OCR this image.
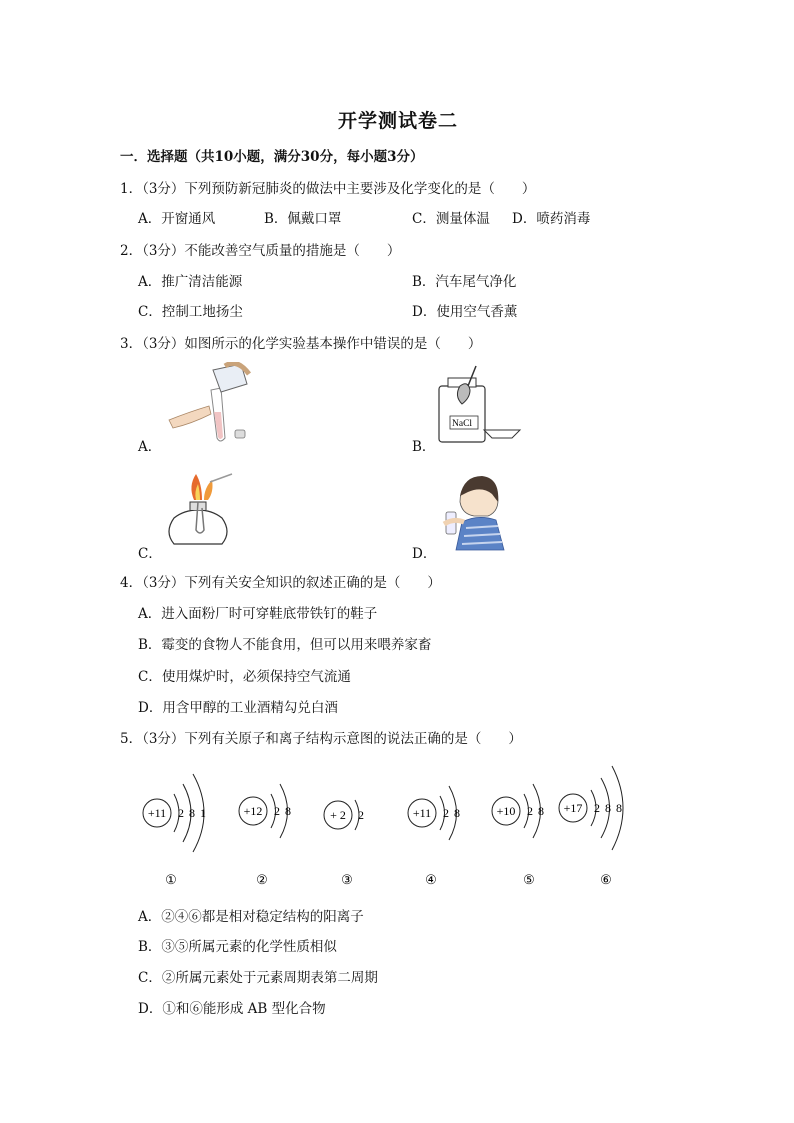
开学测试卷二
一．选择题（共10小题，满分30分，每小题3分）
1．（3分）下列预防新冠肺炎的做法中主要涉及化学变化的是（　　）
A．开窗通风	B．佩戴口罩	C．测量体温 D．喷药消毒
2．（3分）不能改善空气质量的措施是（　　）
A．推广清洁能源	B．汽车尾气净化
C．控制工地扬尘	D．使用空气香薰
3．（3分）如图所示的化学实验基本操作中错误的是（　　）
A．	B．
C．	D．
NaCl
4．（3分）下列有关安全知识的叙述正确的是（　　）
A．进入面粉厂时可穿鞋底带铁钉的鞋子
B．霉变的食物人不能食用，但可以用来喂养家畜
C．使用煤炉时，必须保持空气流通
D．用含甲醇的工业酒精勾兑白酒
5．（3分）下列有关原子和离子结构示意图的说法正确的是（　　）
+11 2 8 1
①
+12 2 8
②
+ 2 2
③
+11 2 8
④
+10 2 8
⑤
+17 2 8 8
⑥
A．②④⑥都是相对稳定结构的阳离子
B．③⑤所属元素的化学性质相似
C．②所属元素处于元素周期表第二周期
D．①和⑥能形成 AB 型化合物
